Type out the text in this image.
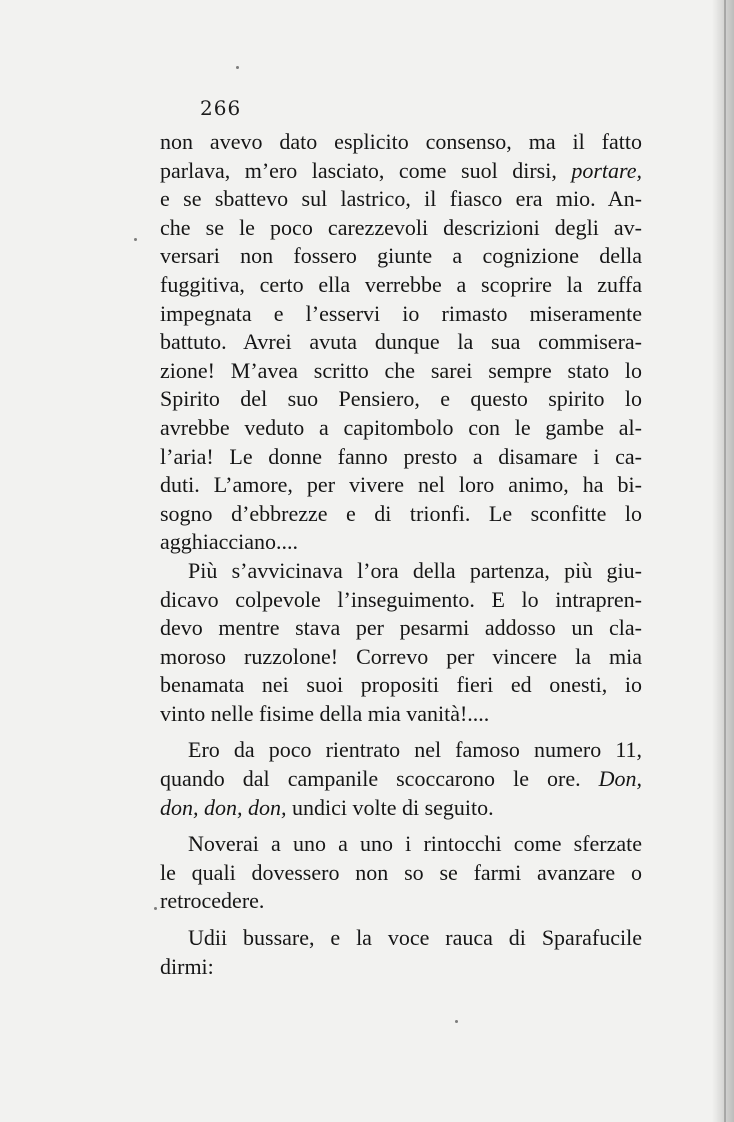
266
non avevo dato esplicito consenso, ma il fatto
parlava, m’ero lasciato, come suol dirsi, portare,
e se sbattevo sul lastrico, il fiasco era mio. An-
che se le poco carezzevoli descrizioni degli av-
versari non fossero giunte a cognizione della
fuggitiva, certo ella verrebbe a scoprire la zuffa
impegnata e l’esservi io rimasto miseramente
battuto. Avrei avuta dunque la sua commisera-
zione! M’avea scritto che sarei sempre stato lo
Spirito del suo Pensiero, e questo spirito lo
avrebbe veduto a capitombolo con le gambe al-
l’aria! Le donne fanno presto a disamare i ca-
duti. L’amore, per vivere nel loro animo, ha bi-
sogno d’ebbrezze e di trionfi. Le sconfitte lo
agghiacciano....
Più s’avvicinava l’ora della partenza, più giu-
dicavo colpevole l’inseguimento. E lo intrapren-
devo mentre stava per pesarmi addosso un cla-
moroso ruzzolone! Correvo per vincere la mia
benamata nei suoi propositi fieri ed onesti, io
vinto nelle fisime della mia vanità!....
Ero da poco rientrato nel famoso numero 11,
quando dal campanile scoccarono le ore. Don,
don, don, don, undici volte di seguito.
Noverai a uno a uno i rintocchi come sferzate
le quali dovessero non so se farmi avanzare o
retrocedere.
Udii bussare, e la voce rauca di Sparafucile
dirmi:
